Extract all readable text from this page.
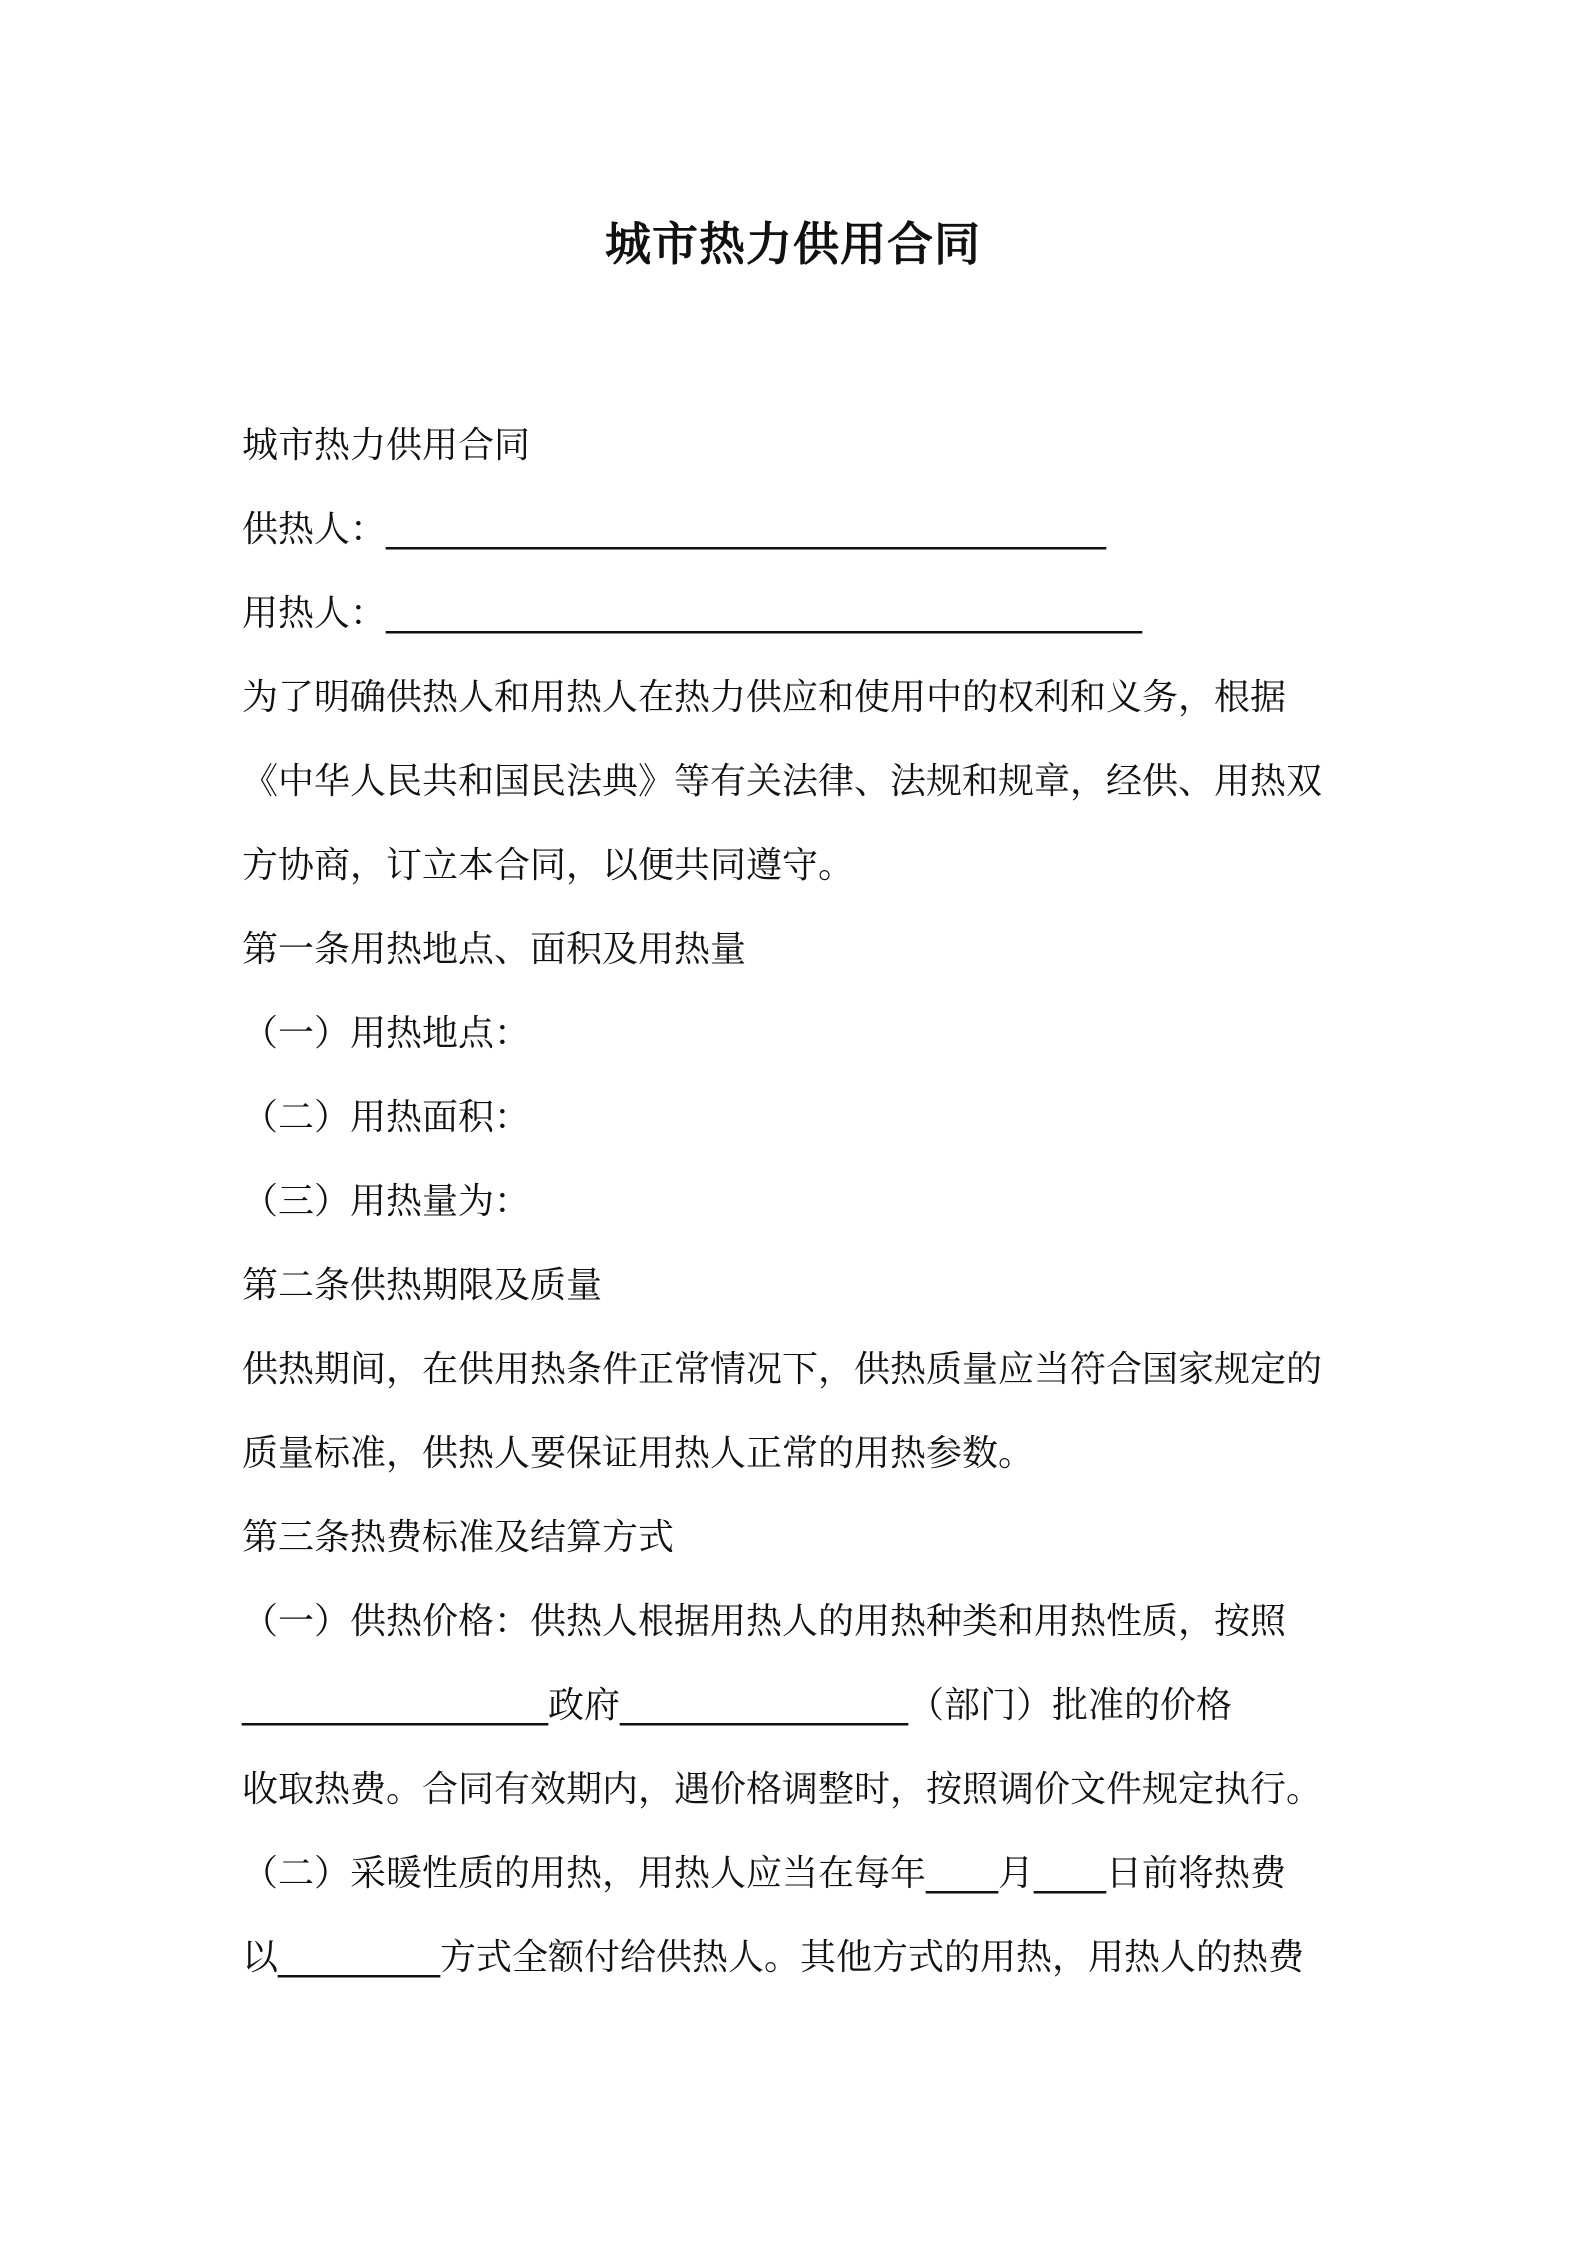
城市热力供用合同
城市热力供用合同
供热人：________________________________________
用热人：__________________________________________
为了明确供热人和用热人在热力供应和使用中的权利和义务，根据
《中华人民共和国民法典》等有关法律、法规和规章，经供、用热双
方协商，订立本合同，以便共同遵守。
第一条用热地点、面积及用热量
（一）用热地点：
（二）用热面积：
（三）用热量为：
第二条供热期限及质量
供热期间，在供用热条件正常情况下，供热质量应当符合国家规定的
质量标准，供热人要保证用热人正常的用热参数。
第三条热费标准及结算方式
（一）供热价格：供热人根据用热人的用热种类和用热性质，按照
_________________政府________________（部门）批准的价格
收取热费。合同有效期内，遇价格调整时，按照调价文件规定执行。
（二）采暖性质的用热，用热人应当在每年____月____日前将热费
以_________方式全额付给供热人。其他方式的用热，用热人的热费
